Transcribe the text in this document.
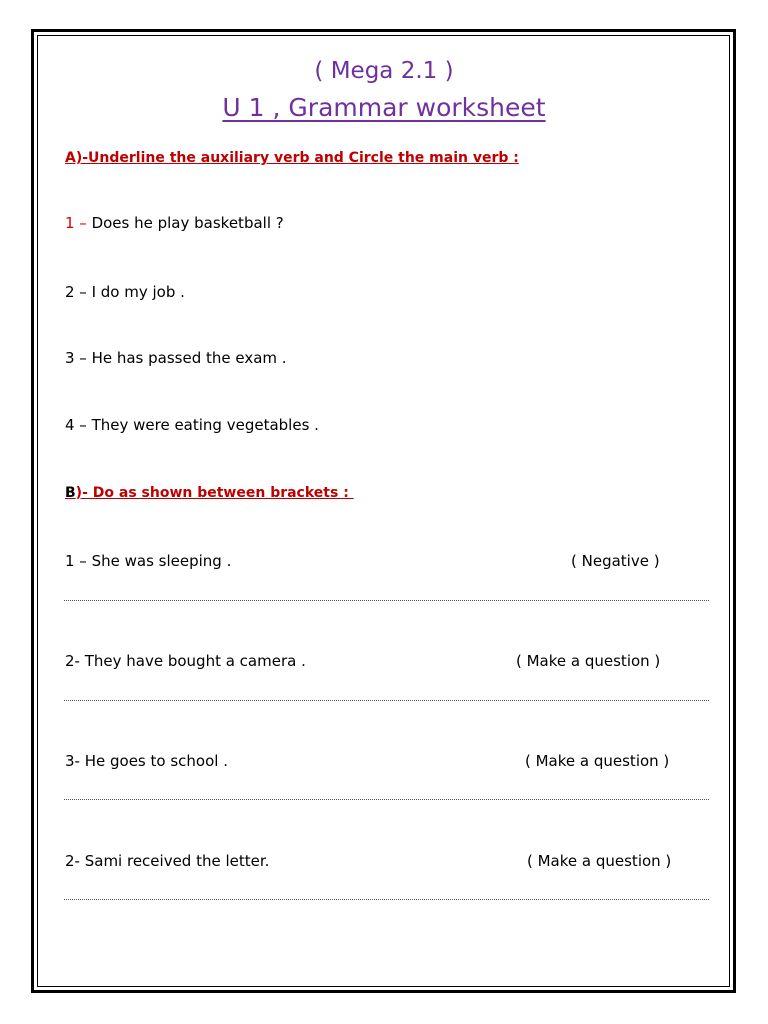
( Mega 2.1 )
U 1 , Grammar worksheet
A)-Underline the auxiliary verb and Circle the main verb :
1 – Does he play basketball ?
2 – I do my job .
3 – He has passed the exam .
4 – They were eating vegetables .
B)- Do as shown between brackets :
1 – She was sleeping .	( Negative )
2- They have bought a camera .	( Make a question )
3- He goes to school .	( Make a question )
2- Sami received the letter.	( Make a question )
